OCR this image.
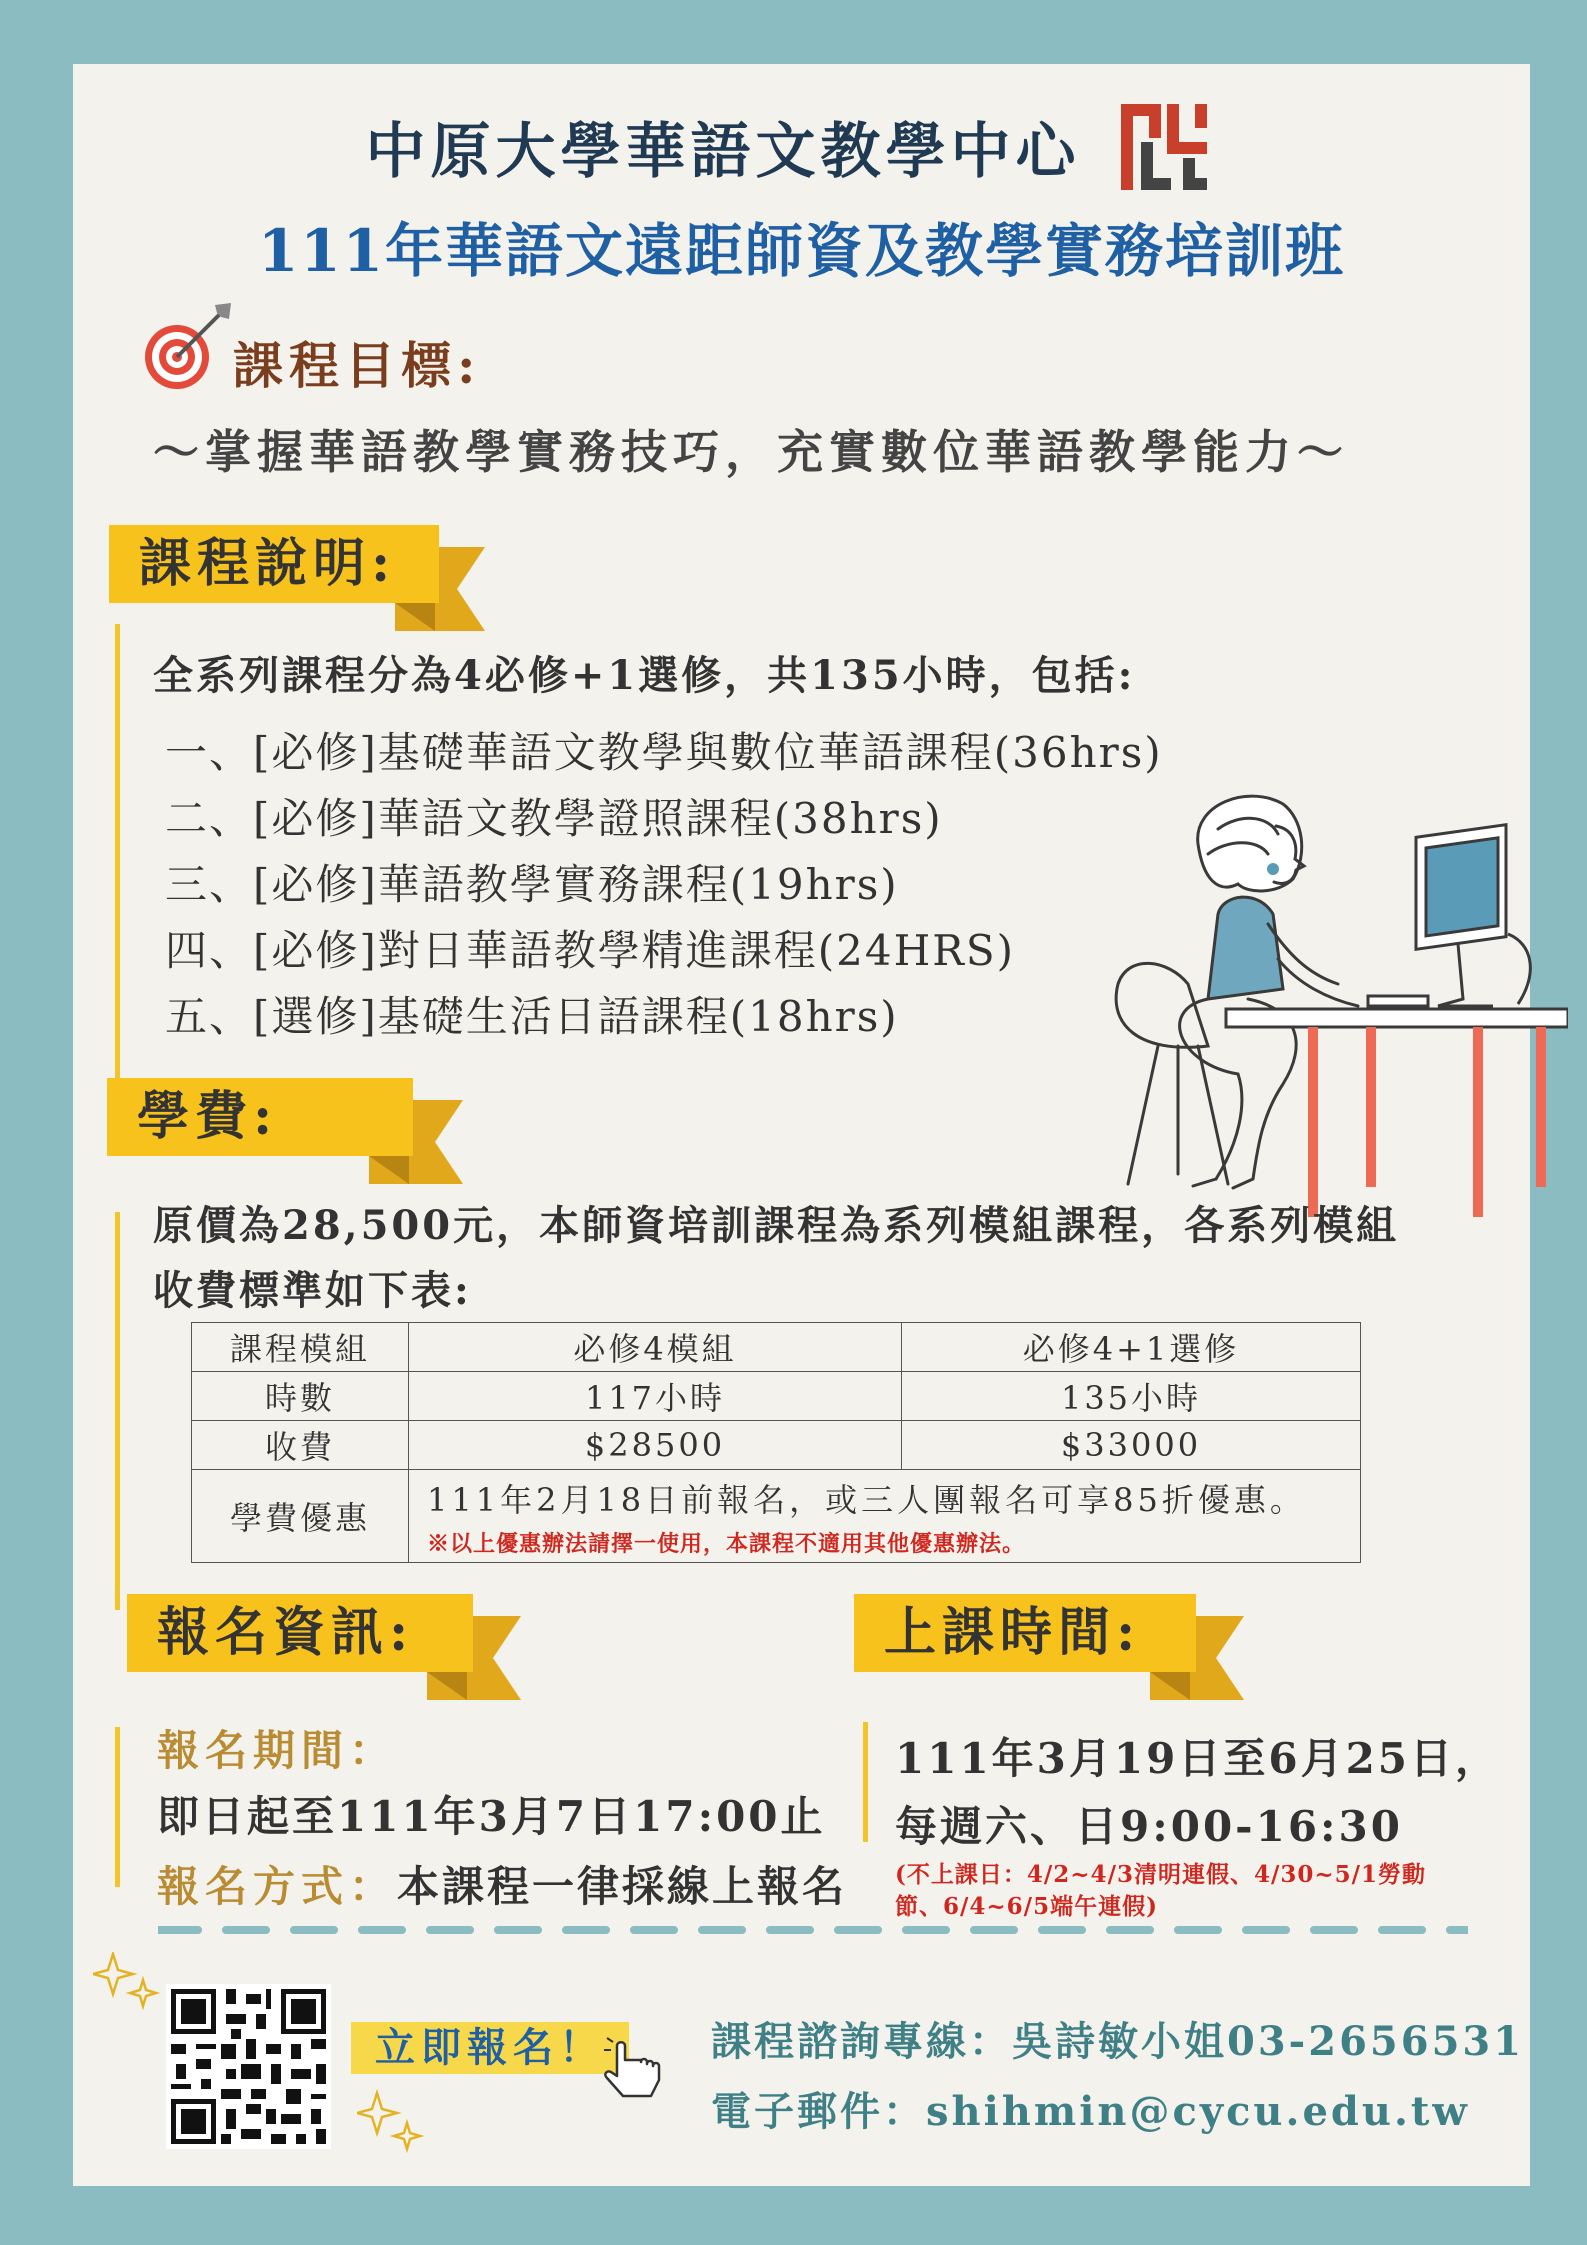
中原大學華語文教學中心
111年華語文遠距師資及教學實務培訓班
課程目標:
～掌握華語教學實務技巧，充實數位華語教學能力～
課程說明:
全系列課程分為4必修+1選修，共135小時，包括:
一、[必修]基礎華語文教學與數位華語課程(36hrs)
二、[必修]華語文教學證照課程(38hrs)
三、[必修]華語教學實務課程(19hrs)
四、[必修]對日華語教學精進課程(24HRS)
五、[選修]基礎生活日語課程(18hrs)
學費:
原價為28,500元，本師資培訓課程為系列模組課程，各系列模組
收費標準如下表:
課程模組	必修4模組	必修4+1選修
時數	117小時	135小時
收費	$28500	$33000
學費優惠	111年2月18日前報名，或三人團報名可享85折優惠。
※以上優惠辦法請擇一使用，本課程不適用其他優惠辦法。	
報名資訊:
報名期間：
即日起至111年3月7日17:00止
報名方式：本課程一律採線上報名
上課時間:
111年3月19日至6月25日，
每週六、日9:00-16:30
(不上課日：4/2~4/3清明連假、4/30~5/1勞動
節、6/4~6/5端午連假)
立即報名！	課程諮詢專線：吳詩敏小姐03-2656531
電子郵件：shihmin@cycu.edu.tw
